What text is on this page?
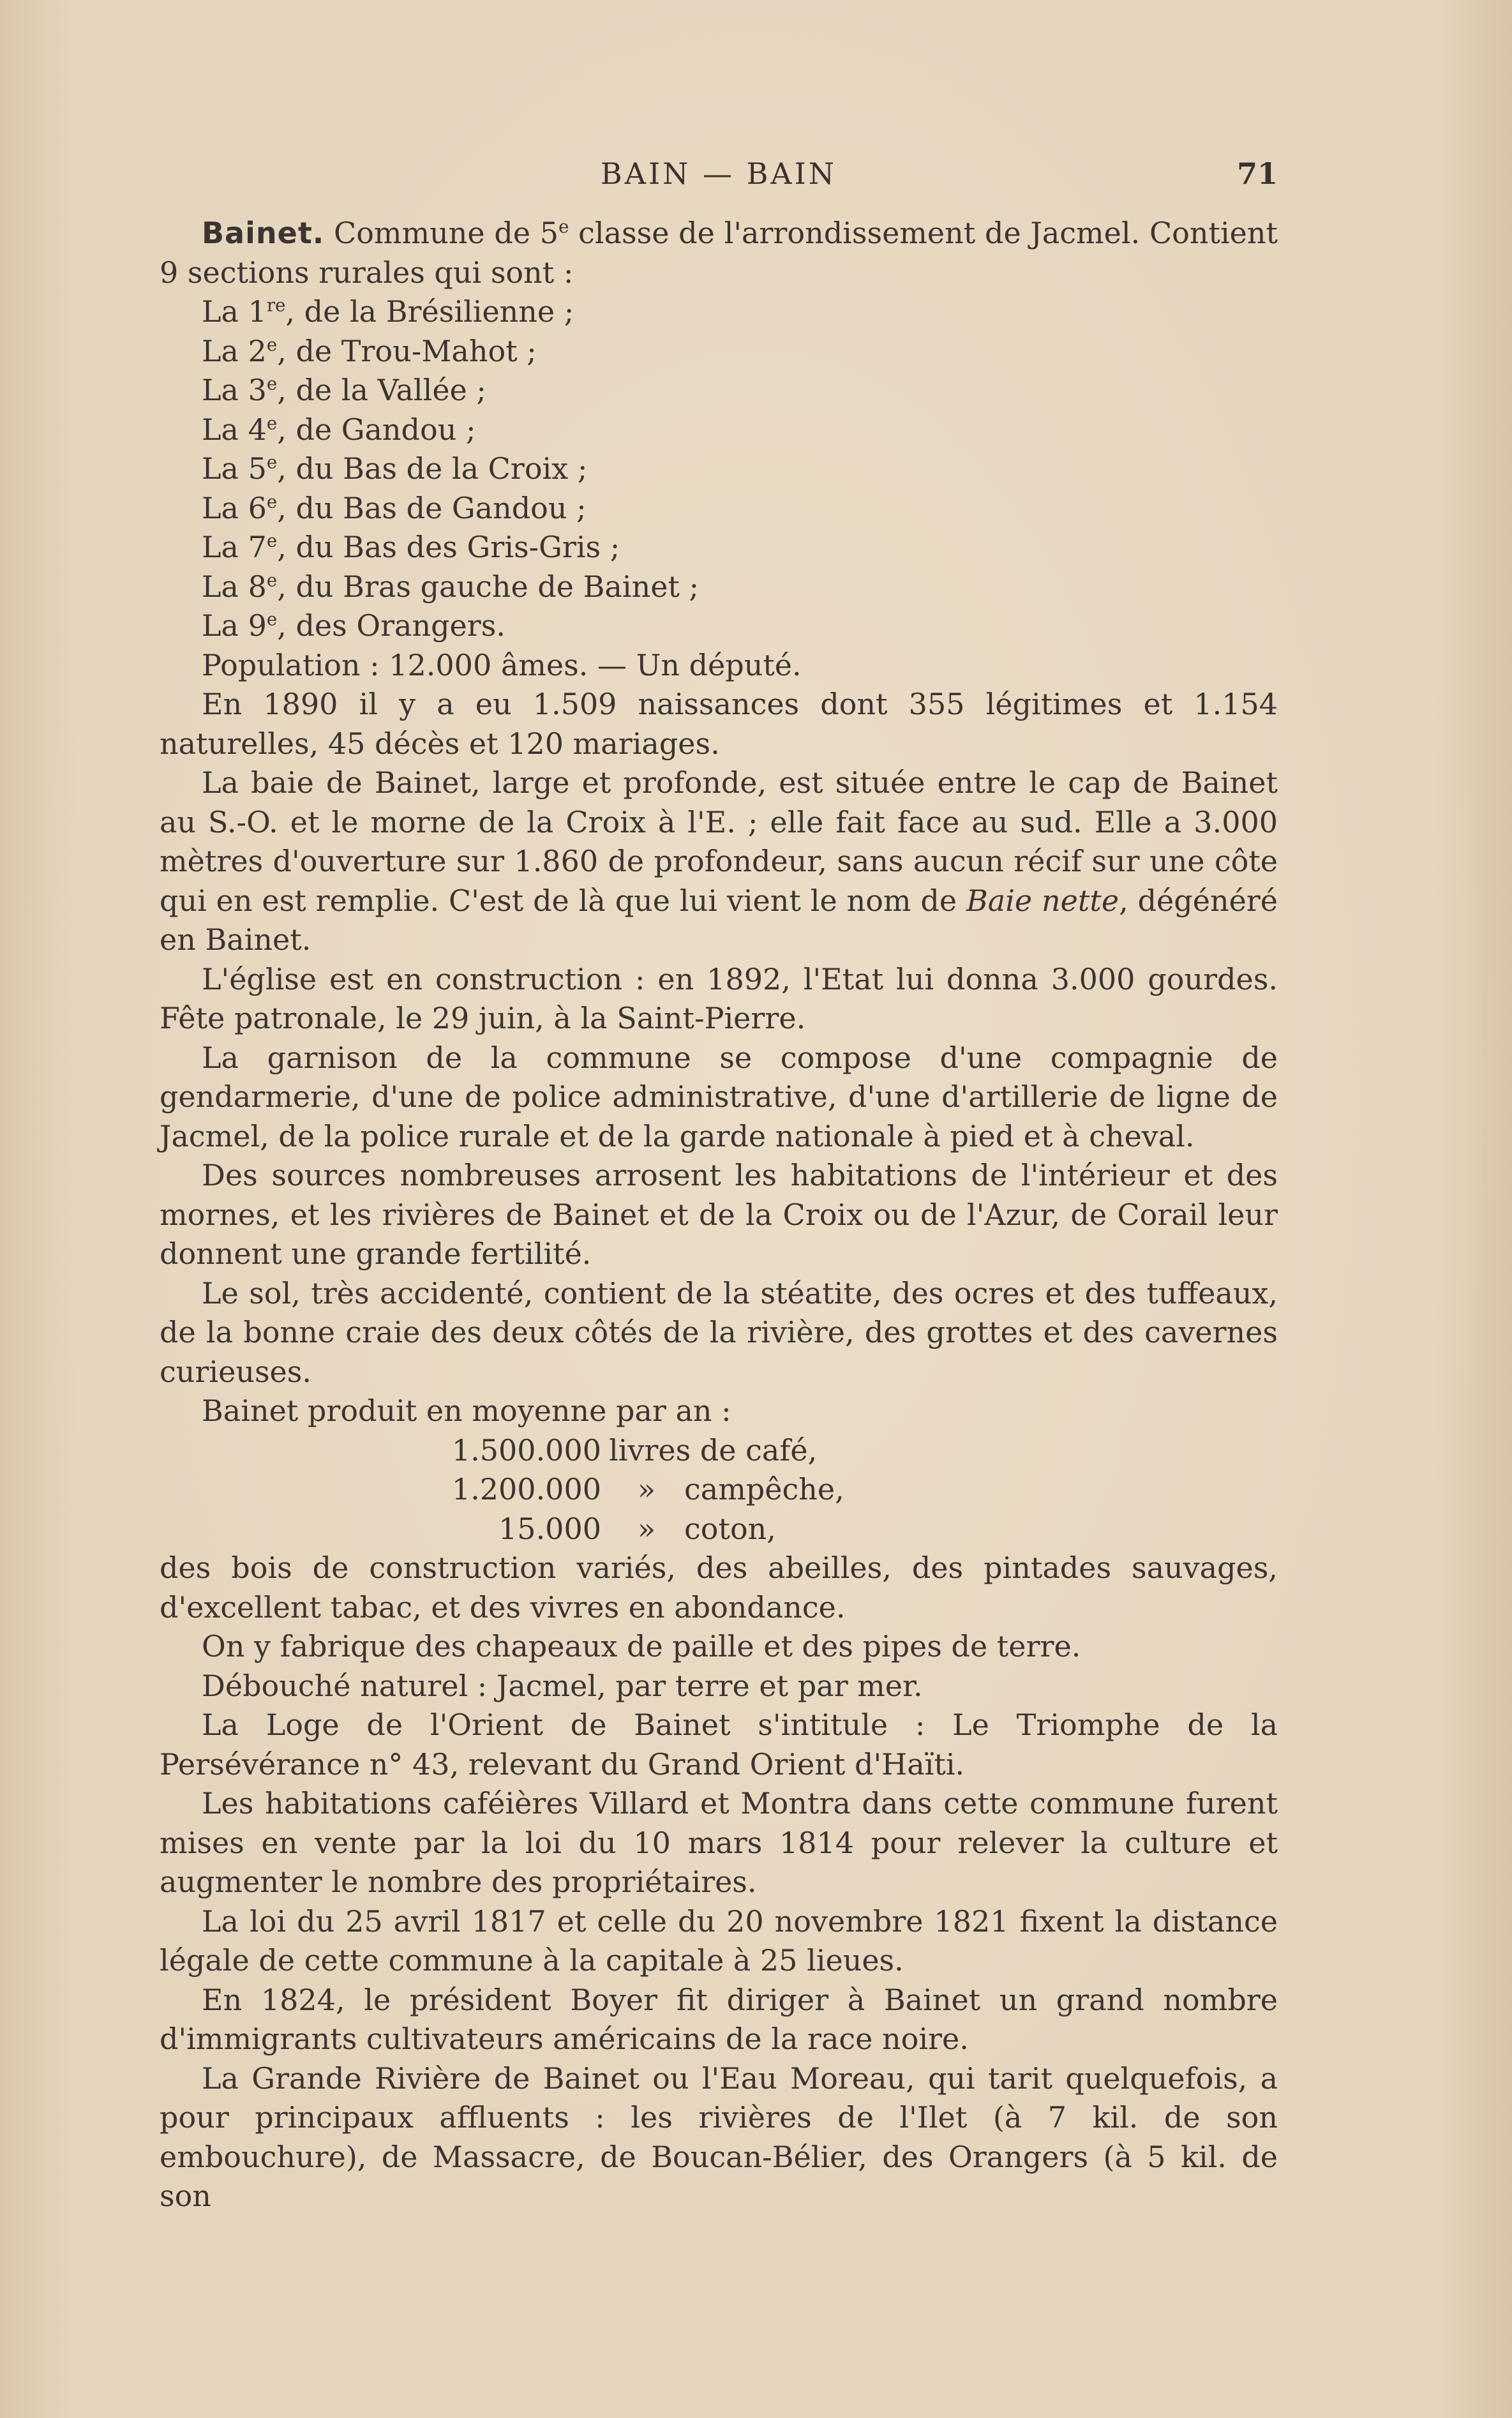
BAIN — BAIN	71

Bainet. Commune de 5e classe de l'arrondissement de Jacmel. Contient 9 sections rurales qui sont :

La 1re, de la Brésilienne ;
La 2e, de Trou-Mahot ;
La 3e, de la Vallée ;
La 4e, de Gandou ;
La 5e, du Bas de la Croix ;
La 6e, du Bas de Gandou ;
La 7e, du Bas des Gris-Gris ;
La 8e, du Bras gauche de Bainet ;
La 9e, des Orangers.

Population : 12.000 âmes. — Un député.

En 1890 il y a eu 1.509 naissances dont 355 légitimes et 1.154 naturelles, 45 décès et 120 mariages.

La baie de Bainet, large et profonde, est située entre le cap de Bainet au S.-O. et le morne de la Croix à l'E. ; elle fait face au sud. Elle a 3.000 mètres d'ouverture sur 1.860 de profondeur, sans aucun récif sur une côte qui en est remplie. C'est de là que lui vient le nom de Baie nette, dégénéré en Bainet.

L'église est en construction : en 1892, l'Etat lui donna 3.000 gourdes. Fête patronale, le 29 juin, à la Saint-Pierre.

La garnison de la commune se compose d'une compagnie de gendarmerie, d'une de police administrative, d'une d'artillerie de ligne de Jacmel, de la police rurale et de la garde nationale à pied et à cheval.

Des sources nombreuses arrosent les habitations de l'intérieur et des mornes, et les rivières de Bainet et de la Croix ou de l'Azur, de Corail leur donnent une grande fertilité.

Le sol, très accidenté, contient de la stéatite, des ocres et des tuffeaux, de la bonne craie des deux côtés de la rivière, des grottes et des cavernes curieuses.

Bainet produit en moyenne par an :

1.500.000 livres de café,
1.200.000	» campêche,
15.000	» coton,

des bois de construction variés, des abeilles, des pintades sauvages, d'excellent tabac, et des vivres en abondance.

On y fabrique des chapeaux de paille et des pipes de terre.

Débouché naturel : Jacmel, par terre et par mer.

La Loge de l'Orient de Bainet s'intitule : Le Triomphe de la Persévérance n° 43, relevant du Grand Orient d'Haïti.

Les habitations caféières Villard et Montra dans cette commune furent mises en vente par la loi du 10 mars 1814 pour relever la culture et augmenter le nombre des propriétaires.

La loi du 25 avril 1817 et celle du 20 novembre 1821 fixent la distance légale de cette commune à la capitale à 25 lieues.

En 1824, le président Boyer fit diriger à Bainet un grand nombre d'immigrants cultivateurs américains de la race noire.

La Grande Rivière de Bainet ou l'Eau Moreau, qui tarit quelquefois, a pour principaux affluents : les rivières de l'Ilet (à 7 kil. de son embouchure), de Massacre, de Boucan-Bélier, des Orangers (à 5 kil. de son
